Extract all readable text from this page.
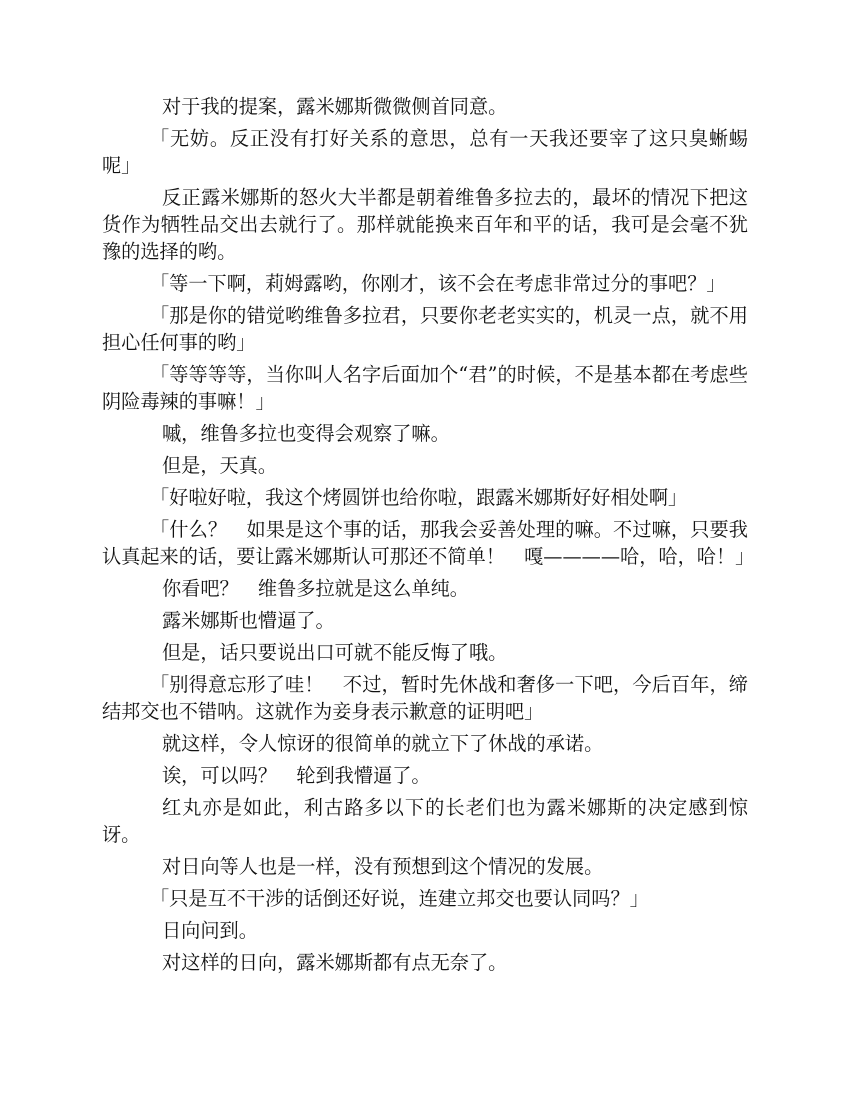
对于我的提案，露米娜斯微微侧首同意。

「无妨。反正没有打好关系的意思，总有一天我还要宰了这只臭蜥蜴呢」

反正露米娜斯的怒火大半都是朝着维鲁多拉去的，最坏的情况下把这货作为牺牲品交出去就行了。那样就能换来百年和平的话，我可是会毫不犹豫的选择的哟。

「等一下啊，莉姆露哟，你刚才，该不会在考虑非常过分的事吧？」

「那是你的错觉哟维鲁多拉君，只要你老老实实的，机灵一点，就不用担心任何事的哟」

「等等等等，当你叫人名字后面加个“君”的时候，不是基本都在考虑些阴险毒辣的事嘛！」

嘁，维鲁多拉也变得会观察了嘛。

但是，天真。

「好啦好啦，我这个烤圆饼也给你啦，跟露米娜斯好好相处啊」

「什么？　如果是这个事的话，那我会妥善处理的嘛。不过嘛，只要我认真起来的话，要让露米娜斯认可那还不简单！　嘎————哈，哈，哈！」

你看吧？　维鲁多拉就是这么单纯。

露米娜斯也懵逼了。

但是，话只要说出口可就不能反悔了哦。

「别得意忘形了哇！　不过，暂时先休战和奢侈一下吧，今后百年，缔结邦交也不错呐。这就作为妾身表示歉意的证明吧」

就这样，令人惊讶的很简单的就立下了休战的承诺。

诶，可以吗？　轮到我懵逼了。

红丸亦是如此，利古路多以下的长老们也为露米娜斯的决定感到惊讶。

对日向等人也是一样，没有预想到这个情况的发展。

「只是互不干涉的话倒还好说，连建立邦交也要认同吗？」

日向问到。

对这样的日向，露米娜斯都有点无奈了。
